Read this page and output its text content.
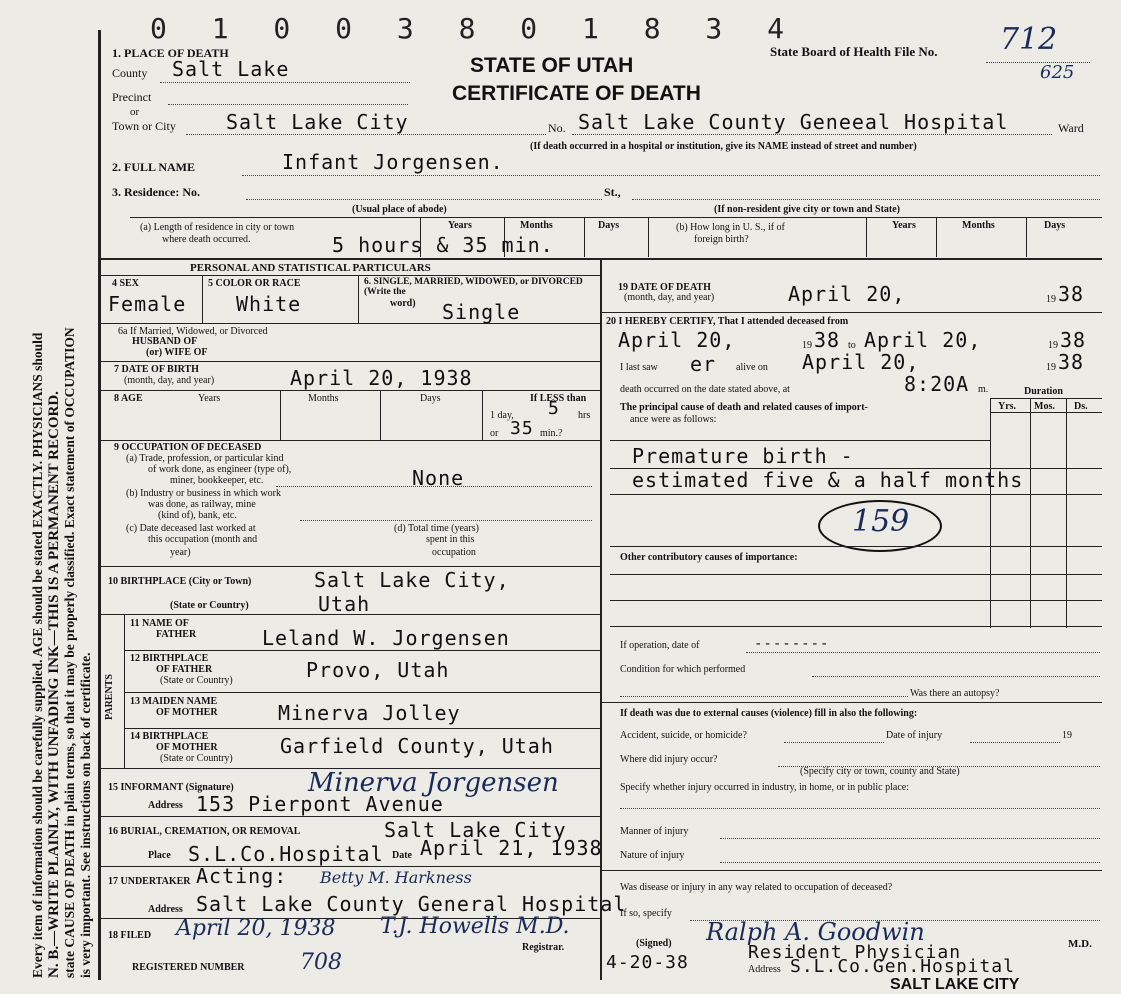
0 1 0 0 3 8 0 1 8 3 4
Every item of information should be carefully supplied. AGE should be stated EXACTLY. PHYSICIANS should N. B.—WRITE PLAINLY, WITH UNFADING INK—THIS IS A PERMANENT RECORD. state CAUSE OF DEATH in plain terms, so that it may be properly classified. Exact statement of OCCUPATION is very important. See instructions on back of certificate.
STATE OF UTAH
CERTIFICATE OF DEATH
State Board of Health File No. 712
625
1. PLACE OF DEATH
County Salt Lake
Precinct
or
Town or City	Salt Lake City	No. Salt Lake County Geneeal Hospital	Ward
(If death occurred in a hospital or institution, give its NAME instead of street and number)
2. FULL NAME	Infant Jorgensen.
3. Residence: No.	St.,
(Usual place of abode)	(If non-resident give city or town and State)
(a) Length of residence in city or town
where death occurred.
Years	Months	Days
5 hours & 35 min.
(b) How long in U. S., if of
foreign birth?
Years	Months	Days
PERSONAL AND STATISTICAL PARTICULARS
4 SEX
Female
5 COLOR OR RACE
White
6. SINGLE, MARRIED, WIDOWED, or DIVORCED (Write the
word) Single
6a If Married, Widowed, or Divorced
HUSBAND OF
(or) WIFE OF
7 DATE OF BIRTH
(month, day, and year)	April 20, 1938
8 AGE	Years	Months	Days	If LESS than
1 day, 5 hrs
or 35 min.?
9 OCCUPATION OF DECEASED
(a) Trade, profession, or particular kind
of work done, as engineer (type of),
miner, bookkeeper, etc.	None
(b) Industry or business in which work
was done, as railway, mine
(kind of), bank, etc.
(c) Date deceased last worked at
this occupation (month and
year)
(d) Total time (years)
spent in this
occupation
10 BIRTHPLACE (City or Town)	Salt Lake City,
(State or Country)	Utah
PARENTS
11 NAME OF
FATHER	Leland W. Jorgensen
12 BIRTHPLACE
OF FATHER
(State or Country)	Provo, Utah
13 MAIDEN NAME
OF MOTHER	Minerva Jolley
14 BIRTHPLACE
OF MOTHER
(State or Country)
Garfield County, Utah
15 INFORMANT (Signature)	Minerva Jorgensen
Address 153 Pierpont Avenue
16 BURIAL, CREMATION, OR REMOVAL	Salt Lake City
Place S.L.Co.Hospital Date April 21, 1938
17 UNDERTAKER Acting: Betty M. Harkness
Address Salt Lake County General Hospital
18 FILED April 20, 1938 T.J. Howells M.D.
Registrar.
REGISTERED NUMBER	708
19 DATE OF DEATH
(month, day, and year)	April 20,	19 38
20 I HEREBY CERTIFY, That I attended deceased from
April 20,	19 38 to April 20,	19 38
I last saw er alive on April 20,	19 38
death occurred on the date stated above, at	8:20A m.	Duration
The principal cause of death and related causes of import-
ance were as follows:
Yrs. Mos. Ds.
Premature birth -
estimated five & a half months
159
Other contributory causes of importance:
If operation, date of	--------
Condition for which performed
Was there an autopsy?
If death was due to external causes (violence) fill in also the following:
Accident, suicide, or homicide?	Date of injury	19
Where did injury occur?
(Specify city or town, county and State)
Specify whether injury occurred in industry, in home, or in public place:
Manner of injury
Nature of injury
Was disease or injury in any way related to occupation of deceased?
If so, specify
(Signed) Ralph A. Goodwin	M.D.
4-20-38	Resident Physician
Address S.L.Co.Gen.Hospital
SALT LAKE CITY
